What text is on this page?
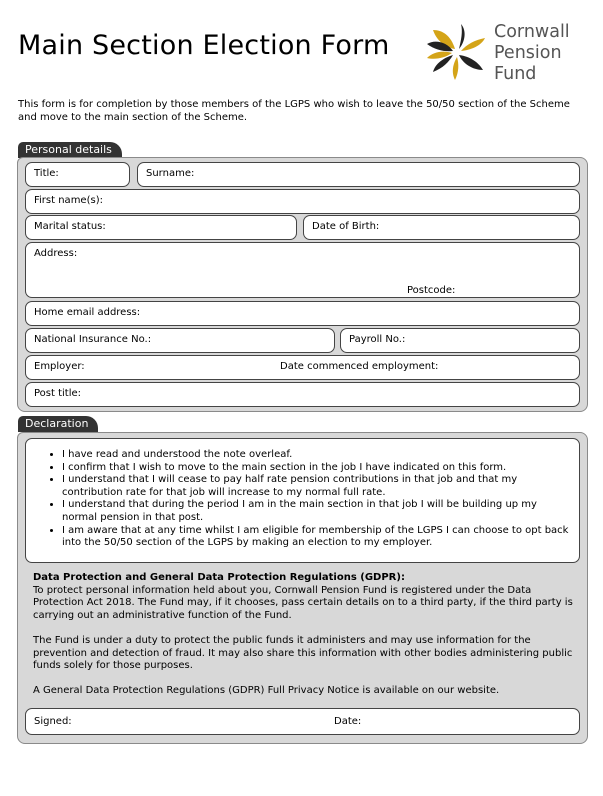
Main Section Election Form	Cornwall
Pension
Fund
This form is for completion by those members of the LGPS who wish to leave the 50/50 section of the Scheme and move to the main section of the Scheme.
Personal details
Title:	Surname:
First name(s):
Marital status:	Date of Birth:
Address:
Postcode:
Home email address:
National Insurance No.:	Payroll No.:
Employer:	Date commenced employment:
Post title:
Declaration
• I have read and understood the note overleaf.
• I confirm that I wish to move to the main section in the job I have indicated on this form.
• I understand that I will cease to pay half rate pension contributions in that job and that my contribution rate for that job will increase to my normal full rate.
• I understand that during the period I am in the main section in that job I will be building up my normal pension in that post.
• I am aware that at any time whilst I am eligible for membership of the LGPS I can choose to opt back into the 50/50 section of the LGPS by making an election to my employer.

Data Protection and General Data Protection Regulations (GDPR):

To protect personal information held about you, Cornwall Pension Fund is registered under the Data Protection Act 2018. The Fund may, if it chooses, pass certain details on to a third party, if the third party is carrying out an administrative function of the Fund.

The Fund is under a duty to protect the public funds it administers and may use information for the prevention and detection of fraud. It may also share this information with other bodies administering public funds solely for those purposes.

A General Data Protection Regulations (GDPR) Full Privacy Notice is available on our website.

Signed:	Date:
